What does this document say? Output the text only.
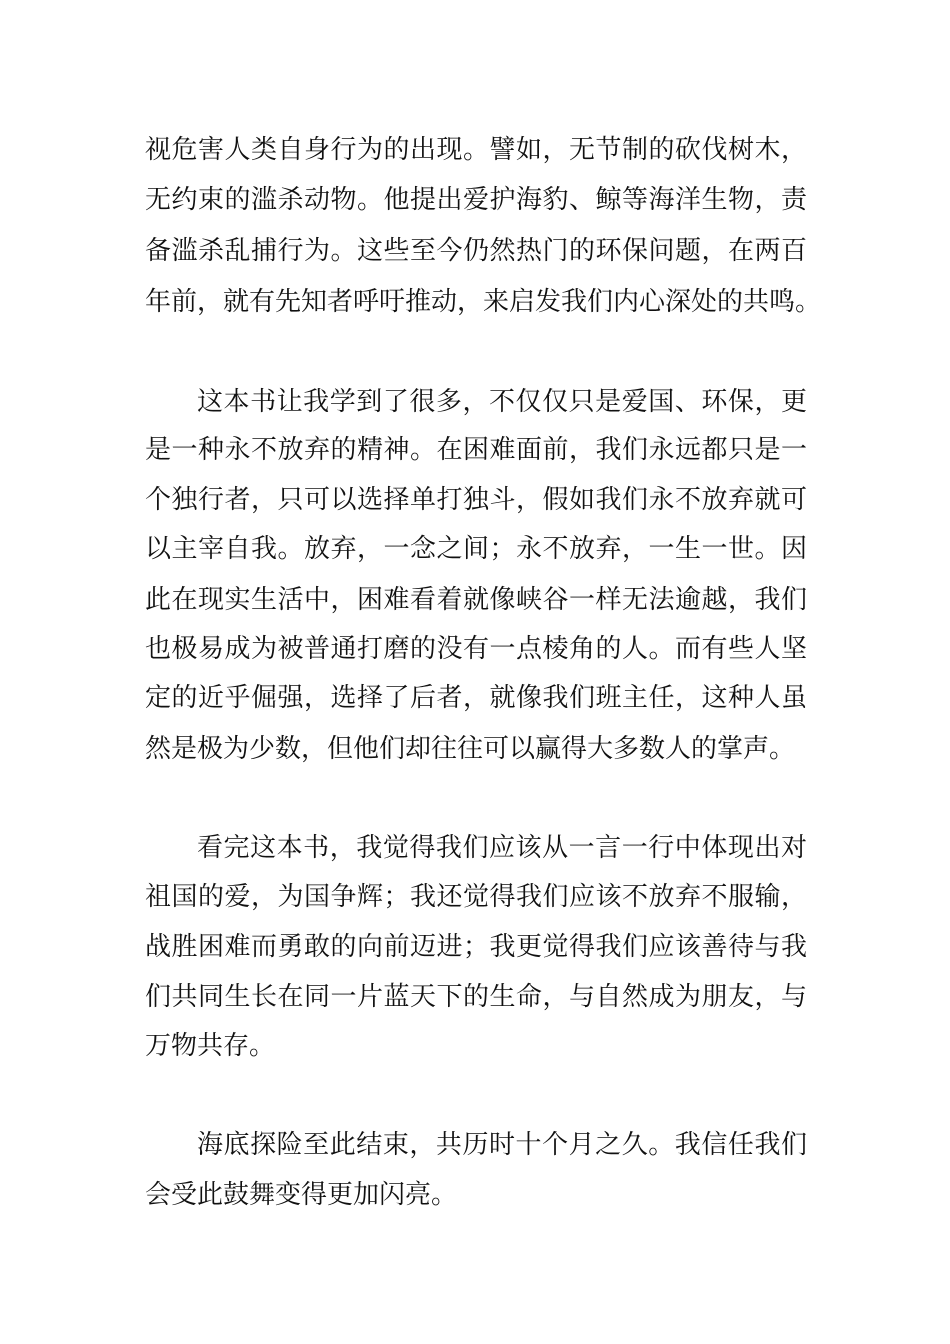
视危害人类自身行为的出现。譬如，无节制的砍伐树木，
无约束的滥杀动物。他提出爱护海豹、鲸等海洋生物，责
备滥杀乱捕行为。这些至今仍然热门的环保问题，在两百
年前，就有先知者呼吁推动，来启发我们内心深处的共鸣。
这本书让我学到了很多，不仅仅只是爱国、环保，更
是一种永不放弃的精神。在困难面前，我们永远都只是一
个独行者，只可以选择单打独斗，假如我们永不放弃就可
以主宰自我。放弃，一念之间；永不放弃，一生一世。因
此在现实生活中，困难看着就像峡谷一样无法逾越，我们
也极易成为被普通打磨的没有一点棱角的人。而有些人坚
定的近乎倔强，选择了后者，就像我们班主任，这种人虽
然是极为少数，但他们却往往可以赢得大多数人的掌声。
看完这本书，我觉得我们应该从一言一行中体现出对
祖国的爱，为国争辉；我还觉得我们应该不放弃不服输，
战胜困难而勇敢的向前迈进；我更觉得我们应该善待与我
们共同生长在同一片蓝天下的生命，与自然成为朋友，与
万物共存。
海底探险至此结束，共历时十个月之久。我信任我们
会受此鼓舞变得更加闪亮。
